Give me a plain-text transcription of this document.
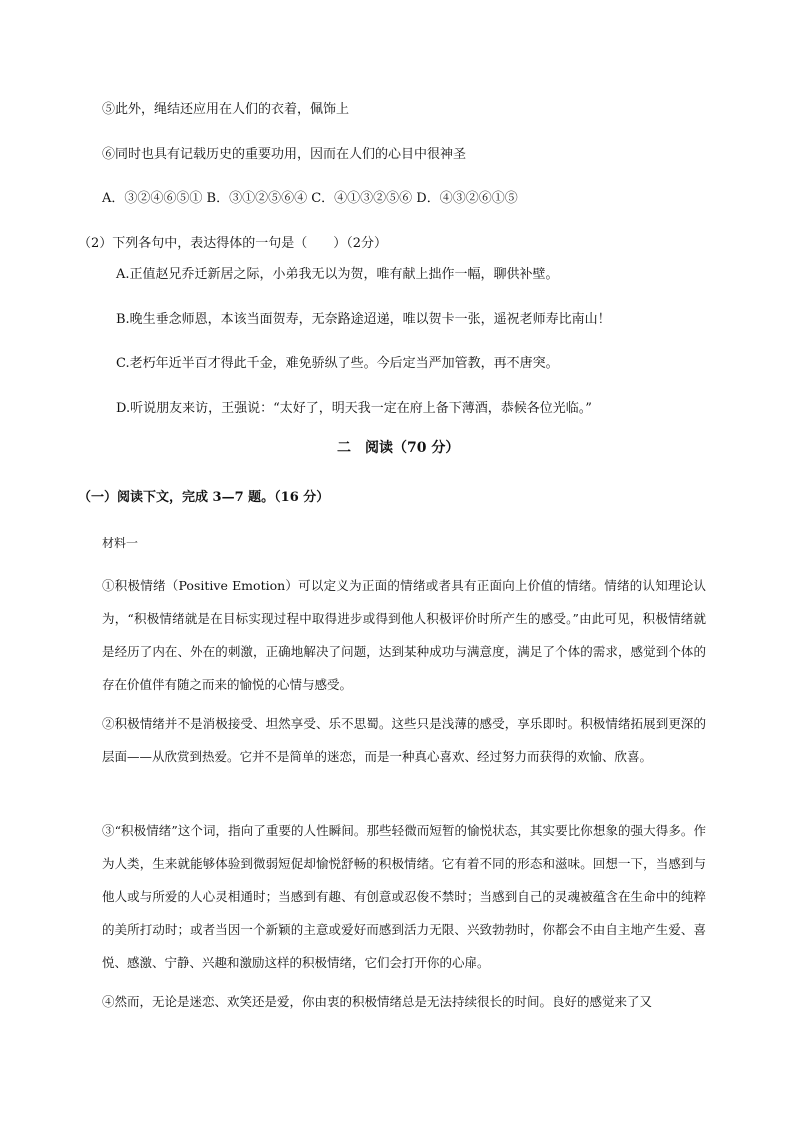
⑤此外，绳结还应用在人们的衣着，佩饰上
⑥同时也具有记载历史的重要功用，因而在人们的心目中很神圣
A．③②④⑥⑤① B．③①②⑤⑥④ C．④①③②⑤⑥ D．④③②⑥①⑤
（2）下列各句中，表达得体的一句是（　　）（2分）
A.正值赵兄乔迁新居之际，小弟我无以为贺，唯有献上拙作一幅，聊供补壁。
B.晚生垂念师恩，本该当面贺寿，无奈路途迢递，唯以贺卡一张，遥祝老师寿比南山！
C.老朽年近半百才得此千金，难免骄纵了些。今后定当严加管教，再不唐突。
D.听说朋友来访，王强说：“太好了，明天我一定在府上备下薄酒，恭候各位光临。”
二　阅读（70 分）
（一）阅读下文，完成 3—7 题。（16 分）
材料一
①积极情绪（Positive Emotion）可以定义为正面的情绪或者具有正面向上价值的情绪。情绪的认知理论认为，“积极情绪就是在目标实现过程中取得进步或得到他人积极评价时所产生的感受。”由此可见，积极情绪就是经历了内在、外在的刺激，正确地解决了问题，达到某种成功与满意度，满足了个体的需求，感觉到个体的存在价值伴有随之而来的愉悦的心情与感受。
②积极情绪并不是消极接受、坦然享受、乐不思蜀。这些只是浅薄的感受，享乐即时。积极情绪拓展到更深的层面——从欣赏到热爱。它并不是简单的迷恋，而是一种真心喜欢、经过努力而获得的欢愉、欣喜。
③“积极情绪”这个词，指向了重要的人性瞬间。那些轻微而短暂的愉悦状态，其实要比你想象的强大得多。作为人类，生来就能够体验到微弱短促却愉悦舒畅的积极情绪。它有着不同的形态和滋味。回想一下，当感到与他人或与所爱的人心灵相通时；当感到有趣、有创意或忍俊不禁时；当感到自己的灵魂被蕴含在生命中的纯粹的美所打动时；或者当因一个新颖的主意或爱好而感到活力无限、兴致勃勃时，你都会不由自主地产生爱、喜悦、感激、宁静、兴趣和激励这样的积极情绪，它们会打开你的心扉。
④然而，无论是迷恋、欢笑还是爱，你由衷的积极情绪总是无法持续很长的时间。良好的感觉来了又
